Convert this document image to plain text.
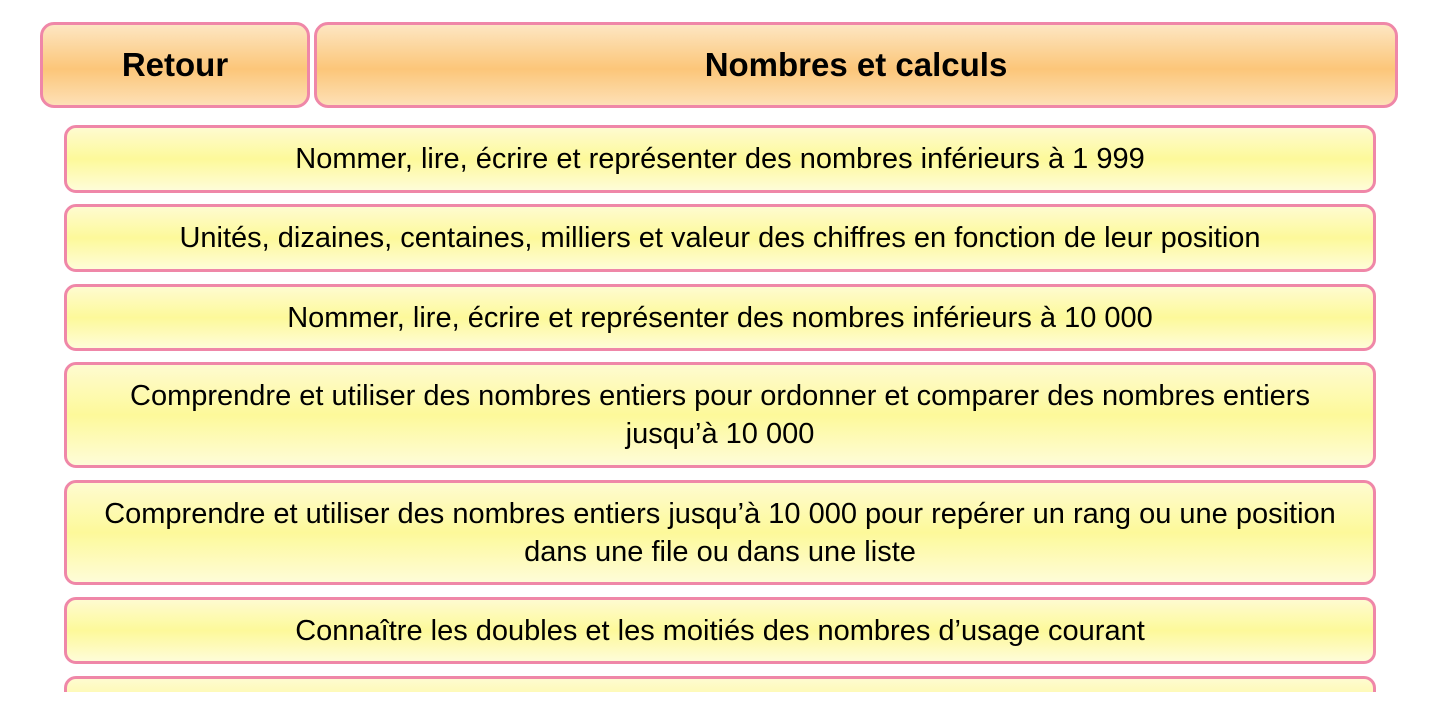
Retour	Nombres et calculs
Nommer, lire, écrire et représenter des nombres inférieurs à 1 999
Unités, dizaines, centaines, milliers et valeur des chiffres en fonction de leur position
Nommer, lire, écrire et représenter des nombres inférieurs à 10 000
Comprendre et utiliser des nombres entiers pour ordonner et comparer des nombres entiers jusqu’à 10 000
Comprendre et utiliser des nombres entiers jusqu’à 10 000 pour repérer un rang ou une position dans une file ou dans une liste
Connaître les doubles et les moitiés des nombres d’usage courant
